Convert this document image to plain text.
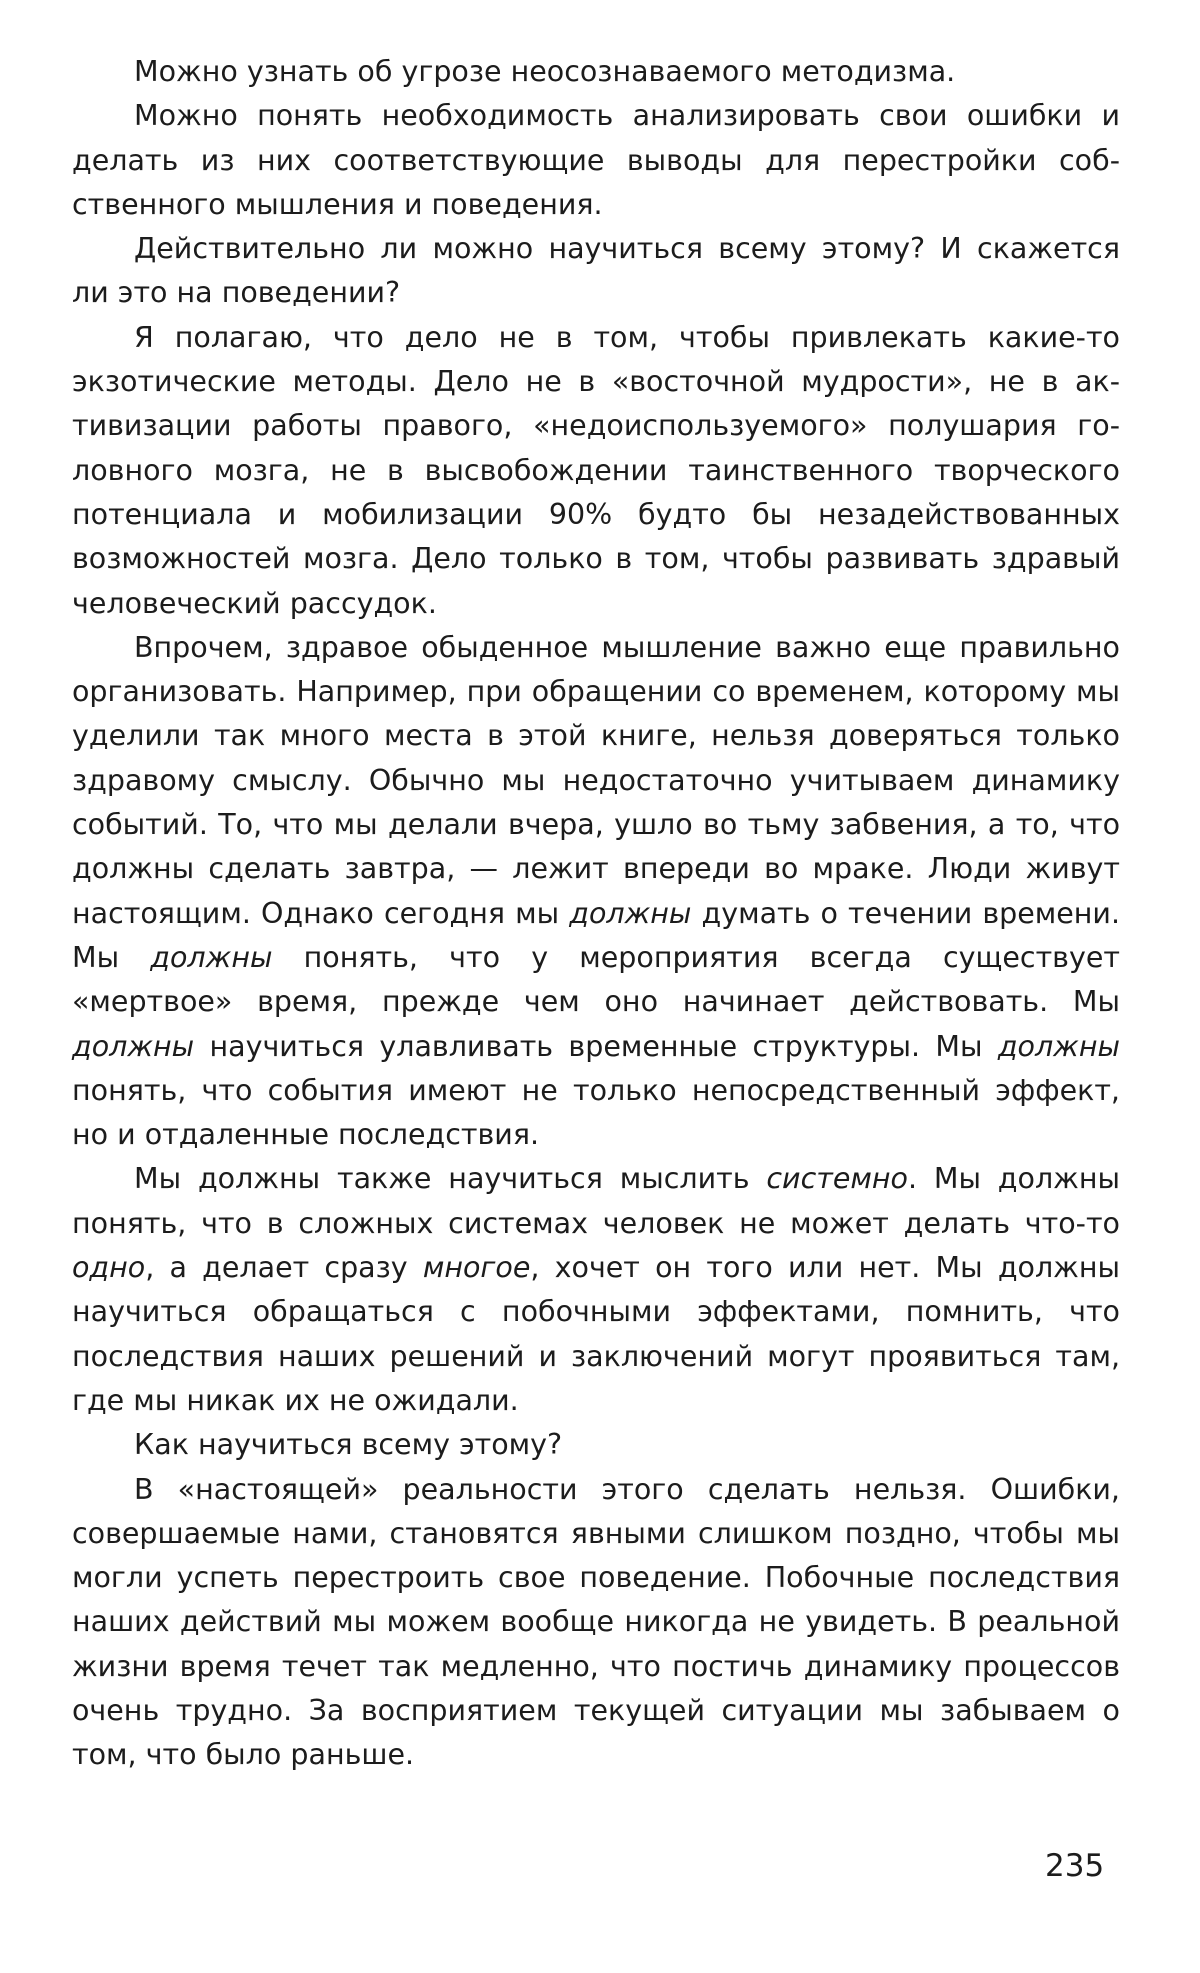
Можно узнать об угрозе неосознаваемого методизма.

Можно понять необходимость анализировать свои ошибки и делать из них соответствующие выводы для перестройки собственного мышления и поведения.

Действительно ли можно научиться всему этому? И скажется ли это на поведении?

Я полагаю, что дело не в том, чтобы привлекать какие-то экзотические методы. Дело не в «восточной мудрости», не в активизации работы правого, «недоиспользуемого» полушария головного мозга, не в высвобождении таинственного творческого потенциала и мобилизации 90% будто бы незадействованных возможностей мозга. Дело только в том, чтобы развивать здравый человеческий рассудок.

Впрочем, здравое обыденное мышление важно еще правильно организовать. Например, при обращении со временем, которому мы уделили так много места в этой книге, нельзя доверяться только здравому смыслу. Обычно мы недостаточно учитываем динамику событий. То, что мы делали вчера, ушло во тьму забвения, а то, что должны сделать завтра, — лежит впереди во мраке. Люди живут настоящим. Однако сегодня мы должны думать о течении времени. Мы должны понять, что у мероприятия всегда существует «мертвое» время, прежде чем оно начинает действовать. Мы должны научиться улавливать временные структуры. Мы должны понять, что события имеют не только непосредственный эффект, но и отдаленные последствия.

Мы должны также научиться мыслить системно. Мы должны понять, что в сложных системах человек не может делать что-то одно, а делает сразу многое, хочет он того или нет. Мы должны научиться обращаться с побочными эффектами, помнить, что последствия наших решений и заключений могут проявиться там, где мы никак их не ожидали.

Как научиться всему этому?

В «настоящей» реальности этого сделать нельзя. Ошибки, совершаемые нами, становятся явными слишком поздно, чтобы мы могли успеть перестроить свое поведение. Побочные последствия наших действий мы можем вообще никогда не увидеть. В реальной жизни время течет так медленно, что постичь динамику процессов очень трудно. За восприятием текущей ситуации мы забываем о том, что было раньше.

235
